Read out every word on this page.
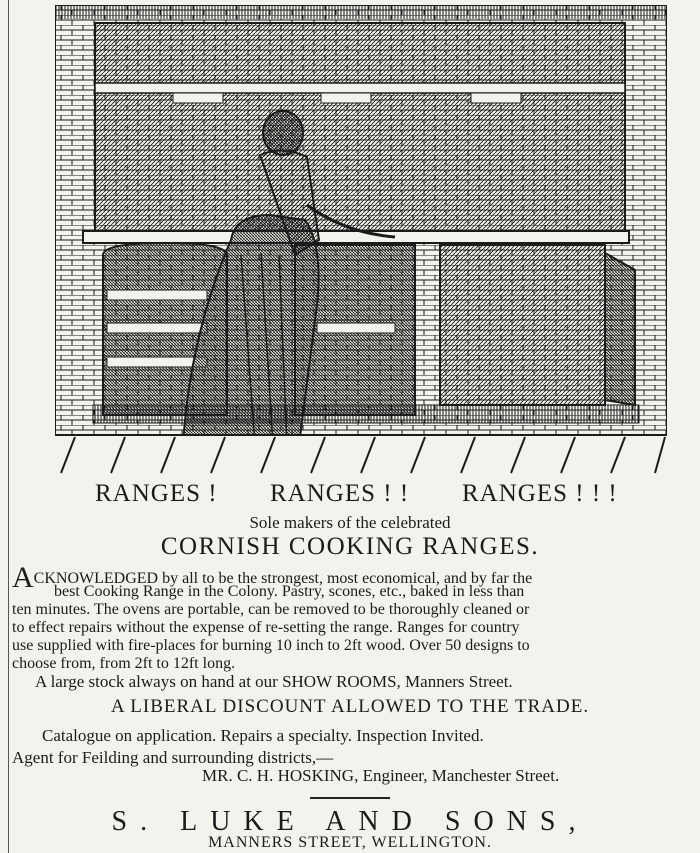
RANGES ! RANGES ! ! RANGES ! ! !
Sole makers of the celebrated
CORNISH COOKING RANGES.
ACKNOWLEDGED by all to be the strongest, most economical, and by far the
best Cooking Range in the Colony. Pastry, scones, etc., baked in less than
ten minutes. The ovens are portable, can be removed to be thoroughly cleaned or
to effect repairs without the expense of re-setting the range. Ranges for country
use supplied with fire-places for burning 10 inch to 2ft wood. Over 50 designs to
choose from, from 2ft to 12ft long.
A large stock always on hand at our SHOW ROOMS, Manners Street.
A LIBERAL DISCOUNT ALLOWED TO THE TRADE.
Catalogue on application. Repairs a specialty. Inspection Invited.
Agent for Feilding and surrounding districts,—
MR. C. H. HOSKING, Engineer, Manchester Street.
S. LUKE AND SONS,
MANNERS STREET, WELLINGTON.
